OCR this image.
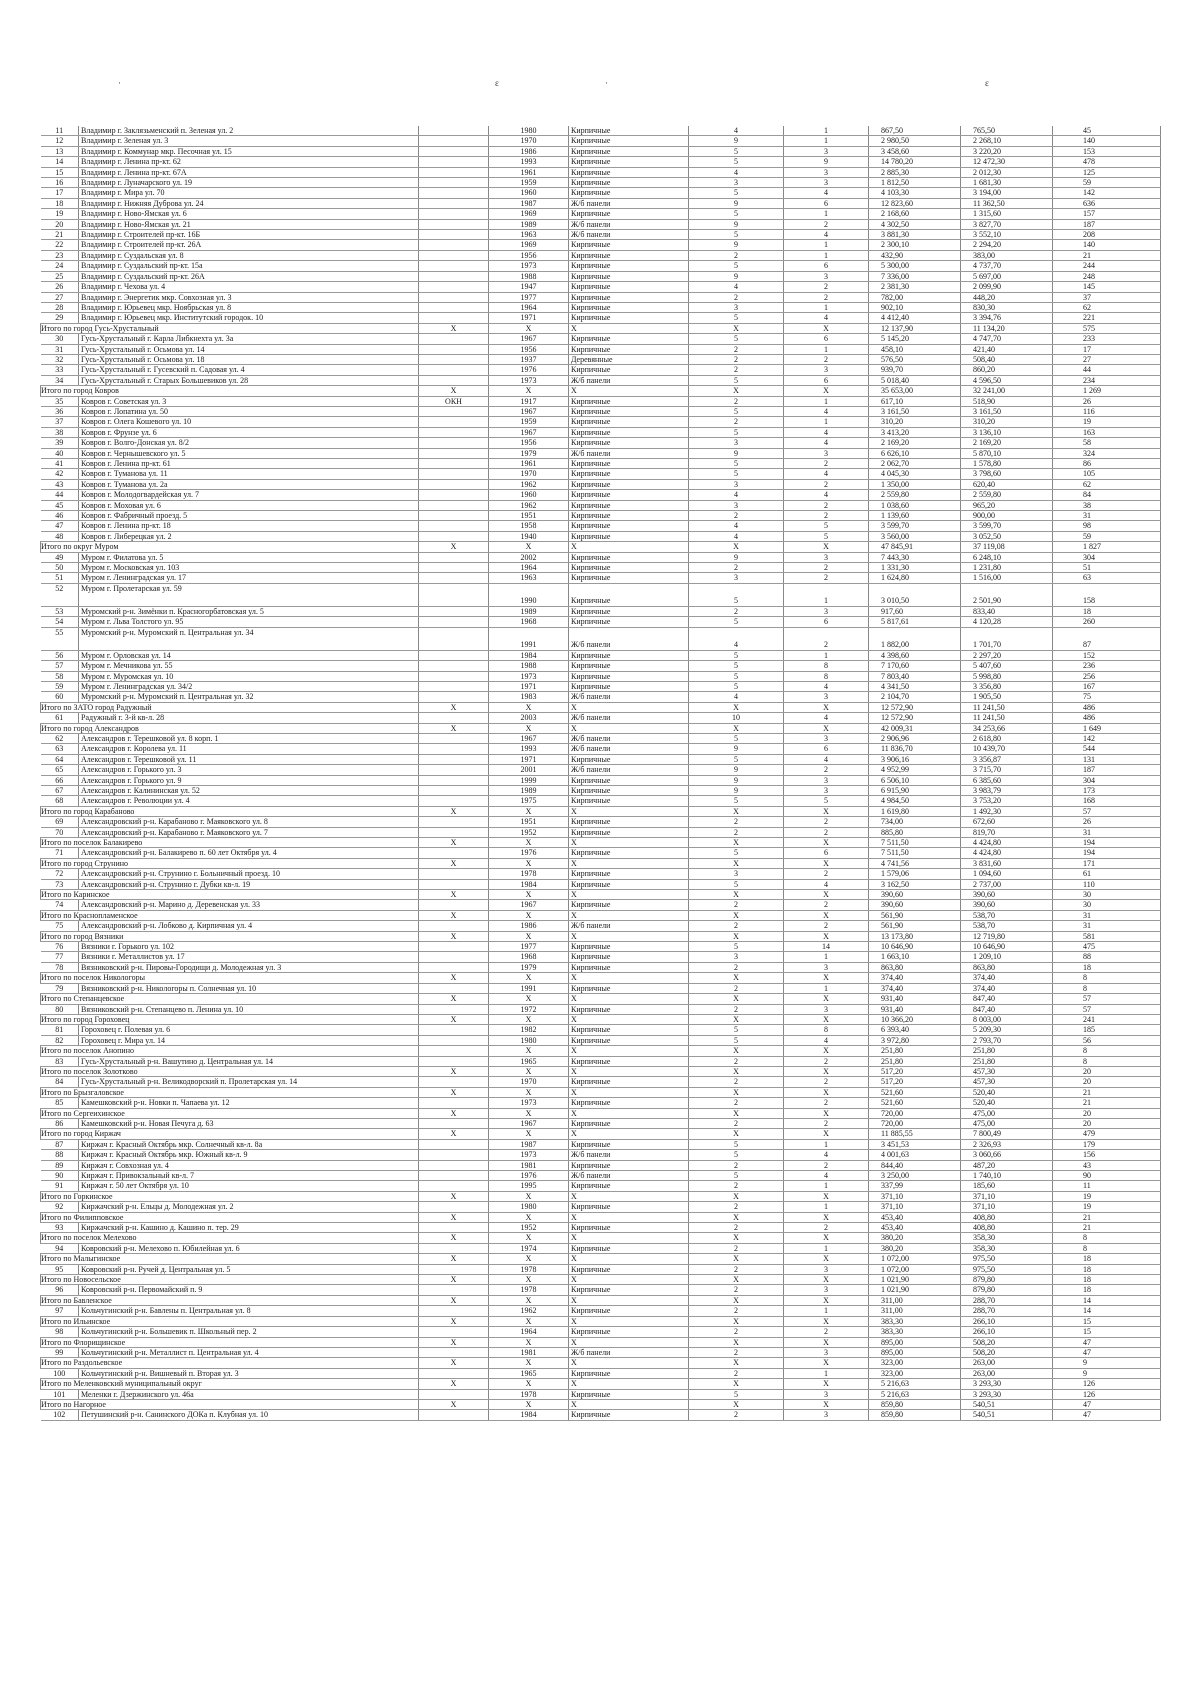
·	ε	·	ε
11	Владимир г. Заклязьменский п. Зеленая ул. 2		1980	Кирпичные	4	1	867,50	765,50	45
12	Владимир г. Зеленая ул. 3		1970	Кирпичные	9	1	2 980,50	2 268,10	140
13	Владимир г. Коммунар мкр. Песочная ул. 15		1986	Кирпичные	5	3	3 458,60	3 220,20	153
14	Владимир г. Ленина пр-кт. 62		1993	Кирпичные	5	9	14 780,20	12 472,30	478
15	Владимир г. Ленина пр-кт. 67А		1961	Кирпичные	4	3	2 885,30	2 012,30	125
16	Владимир г. Луначарского ул. 19		1959	Кирпичные	3	3	1 812,50	1 681,30	59
17	Владимир г. Мира ул. 70		1960	Кирпичные	5	4	4 103,30	3 194,00	142
18	Владимир г. Нижняя Дуброва ул. 24		1987	Ж/б панели	9	6	12 823,60	11 362,50	636
19	Владимир г. Ново-Ямская ул. 6		1969	Кирпичные	5	1	2 168,60	1 315,60	157
20	Владимир г. Ново-Ямская ул. 21		1989	Ж/б панели	9	2	4 302,50	3 827,70	187
21	Владимир г. Строителей пр-кт. 16Б		1963	Ж/б панели	5	4	3 881,30	3 552,10	208
22	Владимир г. Строителей пр-кт. 26А		1969	Кирпичные	9	1	2 300,10	2 294,20	140
23	Владимир г. Суздальская ул. 8		1956	Кирпичные	2	1	432,90	383,00	21
24	Владимир г. Суздальский пр-кт. 15а		1973	Кирпичные	5	6	5 300,00	4 737,70	244
25	Владимир г. Суздальский пр-кт. 26А		1988	Кирпичные	9	3	7 336,00	5 697,00	248
26	Владимир г. Чехова ул. 4		1947	Кирпичные	4	2	2 381,30	2 099,90	145
27	Владимир г. Энергетик мкр. Совхозная ул. 3		1977	Кирпичные	2	2	782,00	448,20	37
28	Владимир г. Юрьевец мкр. Ноябрьская ул. 8		1964	Кирпичные	3	1	902,10	830,30	62
29	Владимир г. Юрьевец мкр. Институтский городок. 10		1971	Кирпичные	5	4	4 412,40	3 394,76	221
Итого по город Гусь-Хрустальный		X	X	X	X	X	12 137,90	11 134,20	575
30	Гусь-Хрустальный г. Карла Либкнехта ул. 3а		1967	Кирпичные	5	6	5 145,20	4 747,70	233
31	Гусь-Хрустальный г. Осьмова ул. 14		1956	Кирпичные	2	1	458,10	421,40	17
32	Гусь-Хрустальный г. Осьмова ул. 18		1937	Деревянные	2	2	576,50	508,40	27
33	Гусь-Хрустальный г. Гусевский п. Садовая ул. 4		1976	Кирпичные	2	3	939,70	860,20	44
34	Гусь-Хрустальный г. Старых Большевиков ул. 28		1973	Ж/б панели	5	6	5 018,40	4 596,50	234
Итого по город Ковров		X	X	X	X	X	35 653,00	32 241,00	1 269
35	Ковров г. Советская ул. 3	ОКН	1917	Кирпичные	2	1	617,10	518,90	26
36	Ковров г. Лопатина ул. 50		1967	Кирпичные	5	4	3 161,50	3 161,50	116
37	Ковров г. Олега Кошевого ул. 10		1959	Кирпичные	2	1	310,20	310,20	19
38	Ковров г. Фрунзе ул. 6		1967	Кирпичные	5	4	3 413,20	3 136,10	163
39	Ковров г. Волго-Донская ул. 8/2		1956	Кирпичные	3	4	2 169,20	2 169,20	58
40	Ковров г. Чернышевского ул. 5		1979	Ж/б панели	9	3	6 626,10	5 870,10	324
41	Ковров г. Ленина пр-кт. 61		1961	Кирпичные	5	2	2 062,70	1 578,80	86
42	Ковров г. Туманова ул. 11		1970	Кирпичные	5	4	4 045,30	3 798,60	105
43	Ковров г. Туманова ул. 2а		1962	Кирпичные	3	2	1 350,00	620,40	62
44	Ковров г. Молодогвардейская ул. 7		1960	Кирпичные	4	4	2 559,80	2 559,80	84
45	Ковров г. Моховая ул. 6		1962	Кирпичные	3	2	1 038,60	965,20	38
46	Ковров г. Фабричный проезд. 5		1951	Кирпичные	2	2	1 139,60	900,00	31
47	Ковров г. Ленина пр-кт. 18		1958	Кирпичные	4	5	3 599,70	3 599,70	98
48	Ковров г. Либерецкая ул. 2		1940	Кирпичные	4	5	3 560,00	3 052,50	59
Итого по округ Муром		X	X	X	X	X	47 845,91	37 119,08	1 827
49	Муром г. Филатова ул. 5		2002	Кирпичные	9	3	7 443,30	6 248,10	304
50	Муром г. Московская ул. 103		1964	Кирпичные	2	2	1 331,30	1 231,80	51
51	Муром г. Ленинградская ул. 17		1963	Кирпичные	3	2	1 624,80	1 516,00	63
52	Муром г. Пролетарская ул. 59		1990	Кирпичные	5	1	3 010,50	2 501,90	158
53	Муромский р-н. Зимёнки п. Красногорбатовская ул. 5		1989	Кирпичные	2	3	917,60	833,40	18
54	Муром г. Льва Толстого ул. 95		1968	Кирпичные	5	6	5 817,61	4 120,28	260
55	Муромский р-н. Муромский п. Центральная ул. 34		1991	Ж/б панели	4	2	1 882,00	1 701,70	87
56	Муром г. Орловская ул. 14		1984	Кирпичные	5	1	4 398,60	2 297,20	152
57	Муром г. Мечникова ул. 55		1988	Кирпичные	5	8	7 170,60	5 407,60	236
58	Муром г. Муромская ул. 10		1973	Кирпичные	5	8	7 803,40	5 998,80	256
59	Муром г. Ленинградская ул. 34/2		1971	Кирпичные	5	4	4 341,50	3 356,80	167
60	Муромский р-н. Муромский п. Центральная ул. 32		1983	Ж/б панели	4	3	2 104,70	1 905,50	75
Итого по ЗАТО город Радужный		X	X	X	X	X	12 572,90	11 241,50	486
61	Радужный г. 3-й кв-л. 28		2003	Ж/б панели	10	4	12 572,90	11 241,50	486
Итого по город Александров		X	X	X	X	X	42 009,31	34 253,66	1 649
62	Александров г. Терешковой ул. 8 корп. 1		1967	Ж/б панели	5	3	2 906,96	2 618,80	142
63	Александров г. Королева ул. 11		1993	Ж/б панели	9	6	11 836,70	10 439,70	544
64	Александров г. Терешковой ул. 11		1971	Кирпичные	5	4	3 906,16	3 356,87	131
65	Александров г. Горького ул. 3		2001	Ж/б панели	9	2	4 952,99	3 715,70	187
66	Александров г. Горького ул. 9		1999	Кирпичные	9	3	6 506,10	6 385,60	304
67	Александров г. Калининская ул. 52		1989	Кирпичные	9	3	6 915,90	3 983,79	173
68	Александров г. Революции ул. 4		1975	Кирпичные	5	5	4 984,50	3 753,20	168
Итого по город Карабаново		X	X	X	X	X	1 619,80	1 492,30	57
69	Александровский р-н. Карабаново г. Маяковского ул. 8		1951	Кирпичные	2	2	734,00	672,60	26
70	Александровский р-н. Карабаново г. Маяковского ул. 7		1952	Кирпичные	2	2	885,80	819,70	31
Итого по поселок Балакирево		X	X	X	X	X	7 511,50	4 424,80	194
71	Александровский р-н. Балакирево п. 60 лет Октября ул. 4		1976	Кирпичные	5	6	7 511,50	4 424,80	194
Итого по город Струнино		X	X	X	X	X	4 741,56	3 831,60	171
72	Александровский р-н. Струнино г. Больничный проезд. 10		1978	Кирпичные	3	2	1 579,06	1 094,60	61
73	Александровский р-н. Струнино г. Дубки кв-л. 19		1984	Кирпичные	5	4	3 162,50	2 737,00	110
Итого по Каринское		X	X	X	X	X	390,60	390,60	30
74	Александровский р-н. Марино д. Деревенская ул. 33		1967	Кирпичные	2	2	390,60	390,60	30
Итого по Краснопламенское		X	X	X	X	X	561,90	538,70	31
75	Александровский р-н. Лобково д. Кирпичная ул. 4		1986	Ж/б панели	2	2	561,90	538,70	31
Итого по город Вязники		X	X	X	X	X	13 173,80	12 719,80	581
76	Вязники г. Горького ул. 102		1977	Кирпичные	5	14	10 646,90	10 646,90	475
77	Вязники г. Металлистов ул. 17		1968	Кирпичные	3	1	1 663,10	1 209,10	88
78	Вязниковский р-н. Пировы-Городищи д. Молодежная ул. 3		1979	Кирпичные	2	3	863,80	863,80	18
Итого по поселок Никологоры		X	X	X	X	X	374,40	374,40	8
79	Вязниковский р-н. Никологоры п. Солнечная ул. 10		1991	Кирпичные	2	1	374,40	374,40	8
Итого по Степанцевское		X	X	X	X	X	931,40	847,40	57
80	Вязниковский р-н. Степанцево п. Ленина ул. 10		1972	Кирпичные	2	3	931,40	847,40	57
Итого по город Гороховец		X	X	X	X	X	10 366,20	8 003,00	241
81	Гороховец г. Полевая ул. 6		1982	Кирпичные	5	8	6 393,40	5 209,30	185
82	Гороховец г. Мира ул. 14		1980	Кирпичные	5	4	3 972,80	2 793,70	56
Итого по поселок Анопино			X	X	X	X	251,80	251,80	8
83	Гусь-Хрустальный р-н. Вашутино д. Центральная ул. 14		1965	Кирпичные	2	2	251,80	251,80	8
Итого по поселок Золотково		X	X	X	X	X	517,20	457,30	20
84	Гусь-Хрустальный р-н. Великодворский п. Пролетарская ул. 14		1970	Кирпичные	2	2	517,20	457,30	20
Итого по Брызгаловское		X	X	X	X	X	521,60	520,40	21
85	Камешковский р-н. Новки п. Чапаева ул. 12		1973	Кирпичные	2	2	521,60	520,40	21
Итого по Сергеихинское		X	X	X	X	X	720,00	475,00	20
86	Камешковский р-н. Новая Печуга д. 63		1967	Кирпичные	2	2	720,00	475,00	20
Итого по город Киржач		X	X	X	X	X	11 885,55	7 800,49	479
87	Киржач г. Красный Октябрь мкр. Солнечный кв-л. 8а		1987	Кирпичные	5	1	3 451,53	2 326,93	179
88	Киржач г. Красный Октябрь мкр. Южный кв-л. 9		1973	Ж/б панели	5	4	4 001,63	3 060,66	156
89	Киржач г. Совхозная ул. 4		1981	Кирпичные	2	2	844,40	487,20	43
90	Киржач г. Привокзальный кв-л. 7		1976	Ж/б панели	5	4	3 250,00	1 740,10	90
91	Киржач г. 50 лет Октября ул. 10		1995	Кирпичные	2	1	337,99	185,60	11
Итого по Горкинское		X	X	X	X	X	371,10	371,10	19
92	Киржачский р-н. Ельцы д. Молодежная ул. 2		1980	Кирпичные	2	1	371,10	371,10	19
Итого по Филипповское		X	X	X	X	X	453,40	408,80	21
93	Киржачский р-н. Кашино д. Кашино п. тер. 29		1952	Кирпичные	2	2	453,40	408,80	21
Итого по поселок Мелехово		X	X	X	X	X	380,20	358,30	8
94	Ковровский р-н. Мелехово п. Юбилейная ул. 6		1974	Кирпичные	2	1	380,20	358,30	8
Итого по Малыгинское		X	X	X	X	X	1 072,00	975,50	18
95	Ковровский р-н. Ручей д. Центральная ул. 5		1978	Кирпичные	2	3	1 072,00	975,50	18
Итого по Новосельское		X	X	X	X	X	1 021,90	879,80	18
96	Ковровский р-н. Первомайский п. 9		1978	Кирпичные	2	3	1 021,90	879,80	18
Итого по Бавленское		X	X	X	X	X	311,00	288,70	14
97	Кольчугинский р-н. Бавлены п. Центральная ул. 8		1962	Кирпичные	2	1	311,00	288,70	14
Итого по Ильинское		X	X	X	X	X	383,30	266,10	15
98	Кольчугинский р-н. Большевик п. Школьный пер. 2		1964	Кирпичные	2	2	383,30	266,10	15
Итого по Флорищинское		X	X	X	X	X	895,00	508,20	47
99	Кольчугинский р-н. Металлист п. Центральная ул. 4		1981	Ж/б панели	2	3	895,00	508,20	47
Итого по Раздольевское		X	X	X	X	X	323,00	263,00	9
100	Кольчугинский р-н. Вишневый п. Вторая ул. 3		1965	Кирпичные	2	1	323,00	263,00	9
Итого по Меленковский муниципальный округ		X	X	X	X	X	5 216,63	3 293,30	126
101	Меленки г. Дзержинского ул. 46а		1978	Кирпичные	5	3	5 216,63	3 293,30	126
Итого по Нагорное		X	X	X	X	X	859,80	540,51	47
102	Петушинский р-н. Санинского ДОКа п. Клубная ул. 10		1984	Кирпичные	2	3	859,80	540,51	47
